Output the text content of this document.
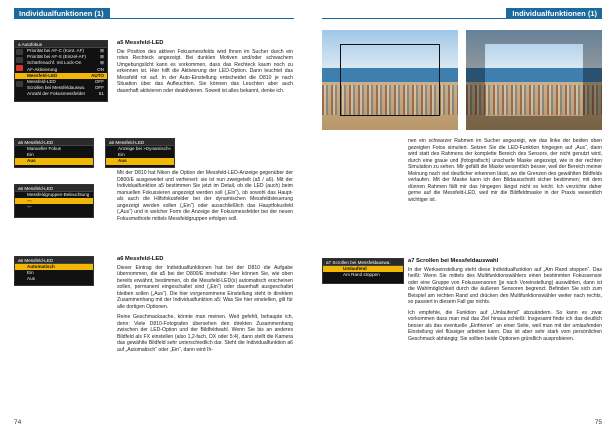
Individualfunktionen (1)
a Autofokus
Priorität bei AF-C (Kont. AF)	⊞
Priorität bei AF-S (Einzel-AF)	⊞
Schärfenachf. mit Lock-On	⊞
AF-Aktivierung	ON
Messfeld-LED	AUTO
Messfeld-LED	OFF
Scrollen bei Messfeldauswa. OFF
Anzahl der Fokusmessfelder	51
a5 Messfeld-LED
Manueller Fokus
Ein
Aus
a5 Messfeld-LED
Anzeige bei »Dynamisch«
Ein
Aus
a5 Messfeld-LED
Messfeldgruppen-Beleuchtung
▫▫▫
-▫-
a5 Messfeld-LED
Automatisch
Ein
Aus
a5 Messfeld-LED

Die Position des aktiven Fokusmessfelds wird Ihnen im Sucher durch ein rotes Rechteck angezeigt. Bei dunklen Motiven und/oder schwachem Umgebungslicht kann es vorkommen, dass das Rechteck kaum noch zu erkennen ist. Hier hilft die Aktivierung der LED-Option. Dann leuchtet das Messfeld rot auf. In der Auto-Einstellung entscheidet die D810 je nach Situation über das Aufleuchten. Sie können das Leuchten aber auch dauerhaft aktivieren oder deaktivieren. Soweit ist alles bekannt, denke ich.

Mit der D810 hat Nikon die Option der Messfeld-LED-Anzeige gegenüber der D800/E ausgeweitet und verfeinert: sie ist nun zweigeteilt (a5 / a6). Mit der Individualfunktion a5 bestimmen Sie jetzt im Detail, ob die LED (auch) beim manuellen Fokussieren angezeigt werden soll („Ein“), ob sowohl das Haupt- als auch die Hilfsfokusfelder bei der dynamischen Messfeldsteuerung angezeigt werden sollen („Ein“) oder ausschließlich das Hauptfokusfeld („Aus“) und in welcher Form die Anzeige der Fokusmessfelder bei der neuen Fokusmethode mittels Messfeldgruppen erfolgen soll.

a6 Messfeld-LED

Dieser Eintrag der Individualfunktionen hat bei der D810 die Aufgabe übernommen, die a5 bei der D800/E innehatte: Hier können Sie, wie oben bereits erwähnt, bestimmen, ob die Messfeld-LED(s) automatisch erscheinen sollen, permanent eingeschaltet sind („Ein“) oder dauerhaft ausgeschaltet bleiben sollen („Aus“). Die hier vorgenommene Einstellung steht in direktem Zusammenhang mit der Individualfunktion a5: Was Sie hier einstellen, gilt für alle dortigen Optionen.

Reine Geschmacksache, könnte man meinen. Weit gefehlt, behaupte ich, denn: Viele D810-Fotografen übersehen den direkten Zusammenhang zwischen der LED-Option und der Bildfeldwahl. Wenn Sie bis an anderes Bildfeld als FX einstellen (also 1,2-fach, DX oder 5:4), dann stellt die Kamera das gewählte Bildfeld sehr unterschiedlich dar. Steht die Individualfunktion a6 auf „Automatisch“ oder „Ein“, dann wird Ih-

74
Individualfunktionen (1)

nen ein schwarzer Rahmen im Sucher angezeigt, wie das linke der beiden oben gezeigten Fotos simuliert. Setzen Sie die LED-Funktion hingegen auf „Aus“, dann wird statt des Rahmens der komplette Bereich des Sensors, der nicht genutzt wird, durch eine graue und (fotografisch) unscharfe Maske angezeigt, wie in der rechten Simulation zu sehen. Mir gefällt die Maske wesentlich besser, weil der Bereich meiner Meinung nach viel deutlicher erkennen lässt, wo die Grenzen des gewählten Bildfelds verlaufen. Mit der Maske kann ich den Bildausschnitt sicher bestimmen; mit dem dünnen Rahmen fällt mir das hingegen längst nicht so leicht. Ich verzichte daher gerne auf die Messfeld-LED, weil mir die Bildfeldmaske in der Praxis wesentlich wichtiger ist.

a7 Scrollen bei Messfeldauswa.
Umlaufend
Am Rand stoppen
a7 Scrollen bei Messfeldauswahl

In der Werkseinstellung steht diese Individualfunktion auf „Am Rand stoppen“. Das heißt: Wenn Sie mittels des Multifunktionswählers einen bestimmten Fokussensor oder eine Gruppe von Fokussensoren (je nach Voreinstellung) auswählen, dann ist die Wahlmöglichkeit durch die äußeren Sensoren begrenzt. Befinden Sie sich zum Beispiel am rechten Rand und drücken den Multifunktionswähler weiter nach rechts, so passiert in diesem Fall gar nichts.

Ich empfehle, die Funktion auf „Umlaufend“ abzuändern. So kann es zwar vorkommen dass man mal das Ziel hinaus schießt: Insgesamt finde ich das deutlich besser als das eventuelle „Einfrieren“ an einer Seite, weil man mit der umlaufenden Einstellung viel flüssiger arbeiten kann. Das ist aber sehr stark vom persönlichen Geschmack abhängig; Sie sollten beide Optionen gründlich ausprobieren.

75
